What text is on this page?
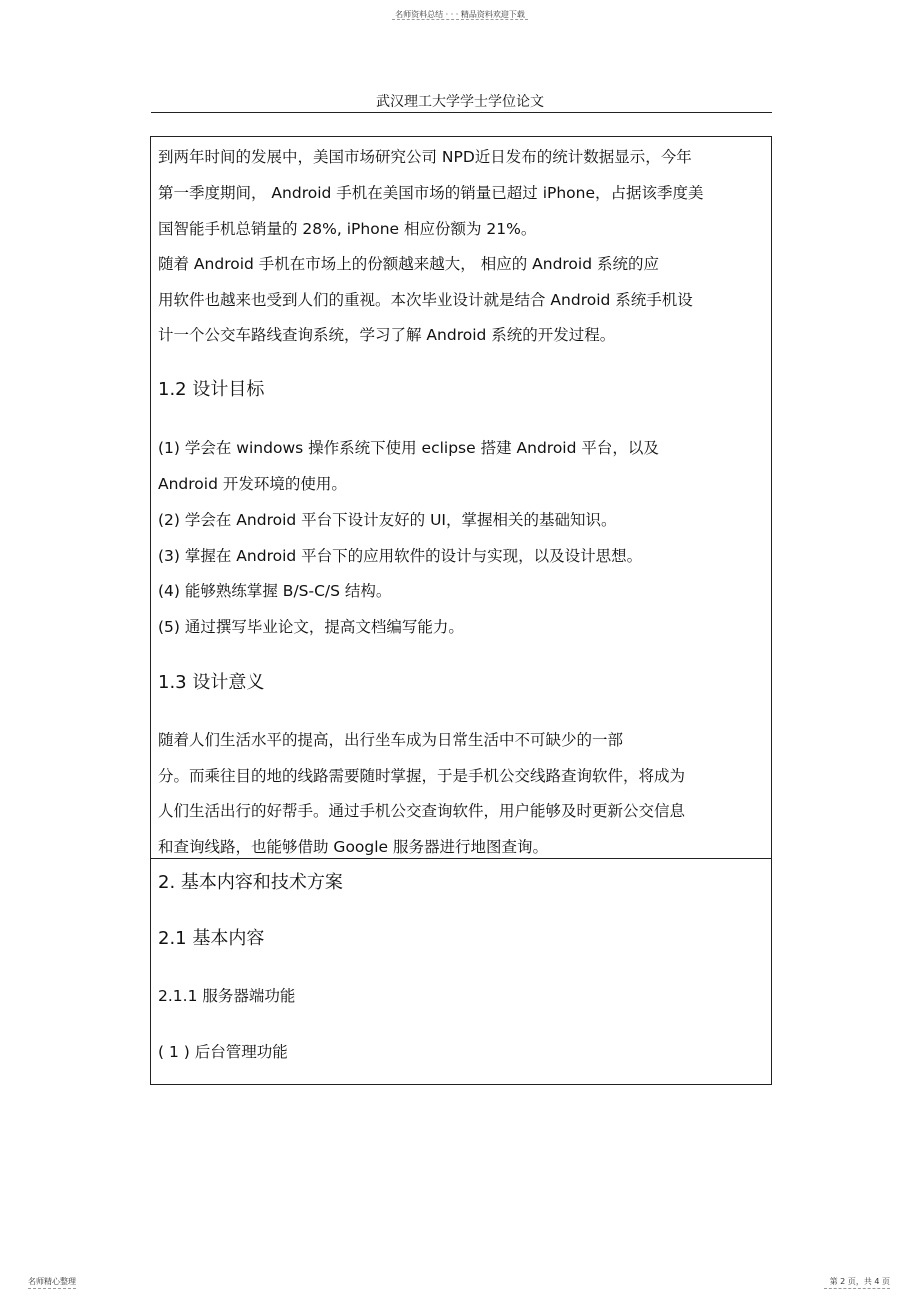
名师资料总结 · · · 精品资料欢迎下载
武汉理工大学学士学位论文
到两年时间的发展中，美国市场研究公司 NPD近日发布的统计数据显示，今年
第一季度期间， Android 手机在美国市场的销量已超过 iPhone，占据该季度美
国智能手机总销量的 28%, iPhone 相应份额为 21%。
随着 Android 手机在市场上的份额越来越大， 相应的 Android 系统的应
用软件也越来也受到人们的重视。本次毕业设计就是结合 Android 系统手机设
计一个公交车路线查询系统，学习了解 Android 系统的开发过程。
1.2 设计目标
(1) 学会在 windows 操作系统下使用 eclipse 搭建 Android 平台，以及
Android 开发环境的使用。
(2) 学会在 Android 平台下设计友好的 UI，掌握相关的基础知识。
(3) 掌握在 Android 平台下的应用软件的设计与实现，以及设计思想。
(4) 能够熟练掌握 B/S-C/S 结构。
(5) 通过撰写毕业论文，提高文档编写能力。
1.3 设计意义
随着人们生活水平的提高，出行坐车成为日常生活中不可缺少的一部
分。而乘往目的地的线路需要随时掌握，于是手机公交线路查询软件，将成为
人们生活出行的好帮手。通过手机公交查询软件，用户能够及时更新公交信息
和查询线路，也能够借助 Google 服务器进行地图查询。
2. 基本内容和技术方案
2.1 基本内容
2.1.1 服务器端功能
( 1 ) 后台管理功能
名师精心整理	第 2 页，共 4 页
